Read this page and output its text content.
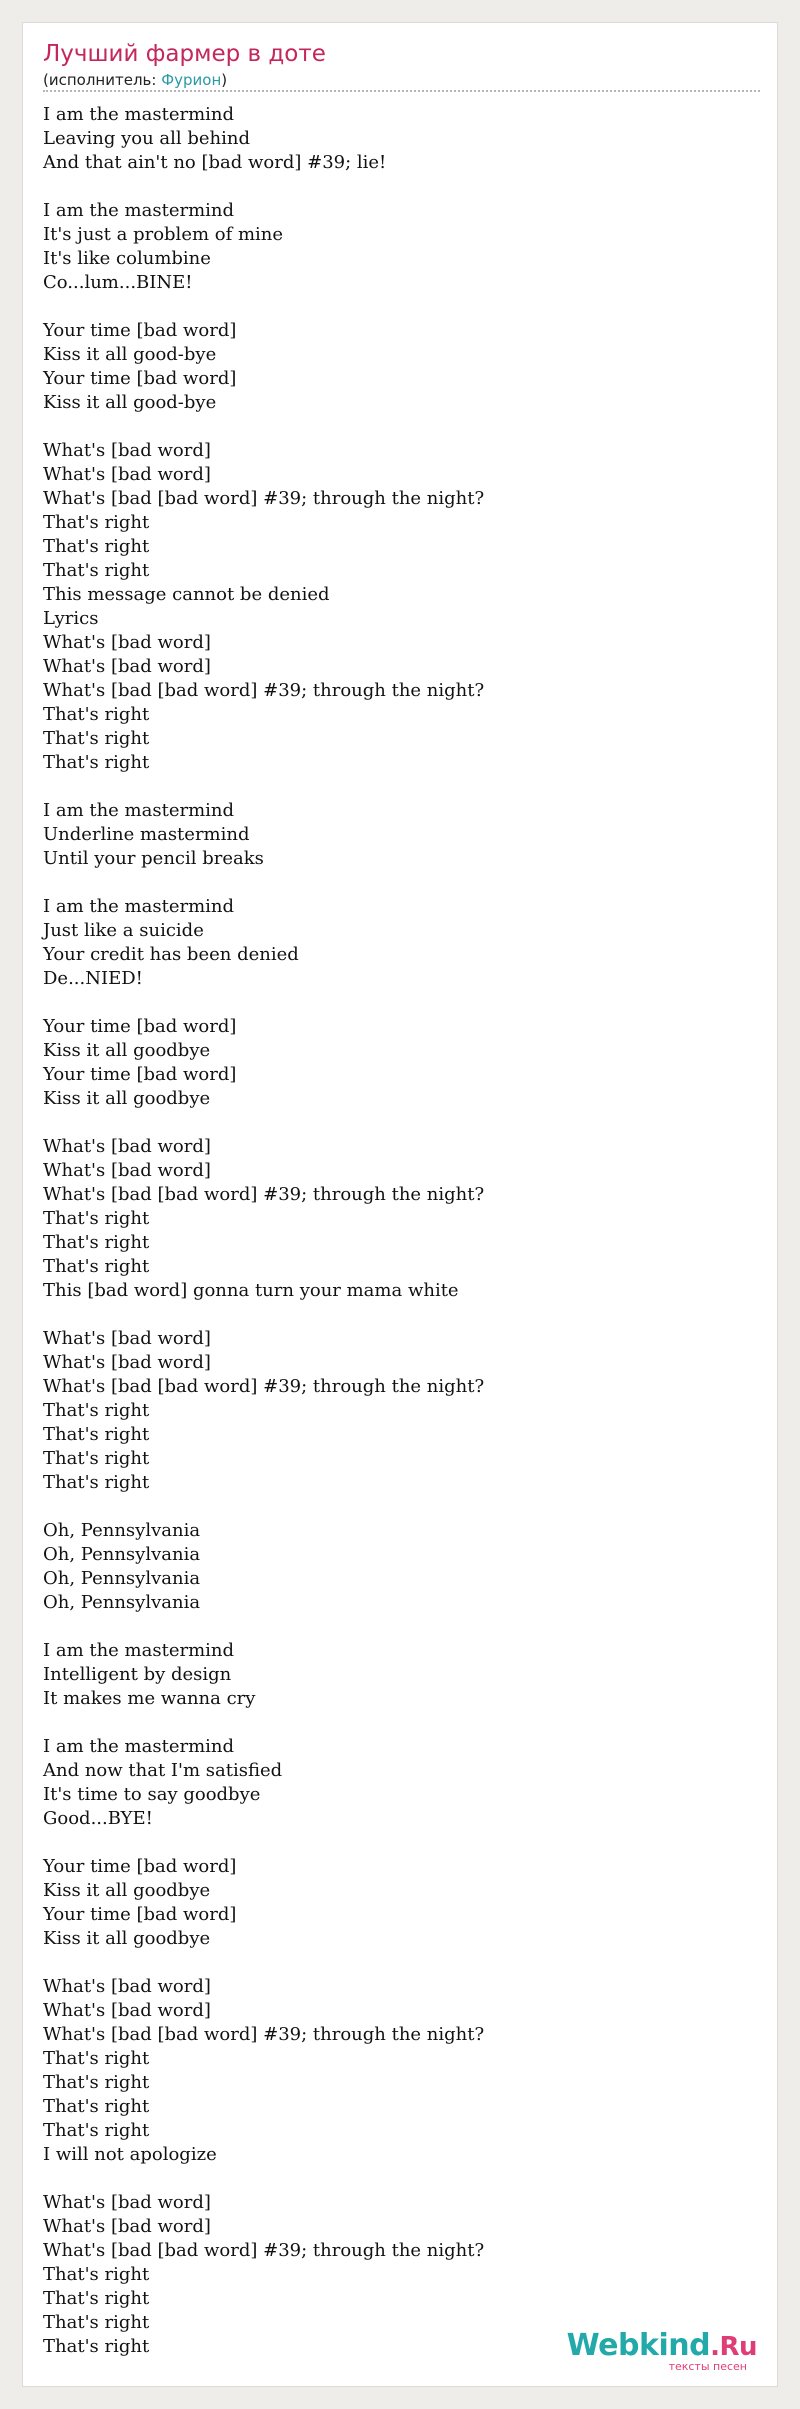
Лучший фармер в доте
(исполнитель: Фурион)
I am the mastermind
Leaving you all behind
And that ain't no [bad word] #39; lie!
I am the mastermind
It's just a problem of mine
It's like columbine
Co...lum...BINE!
Your time [bad word]
Kiss it all good-bye
Your time [bad word]
Kiss it all good-bye
What's [bad word]
What's [bad word]
What's [bad [bad word] #39; through the night?
That's right
That's right
That's right
This message cannot be denied
Lyrics
What's [bad word]
What's [bad word]
What's [bad [bad word] #39; through the night?
That's right
That's right
That's right
I am the mastermind
Underline mastermind
Until your pencil breaks
I am the mastermind
Just like a suicide
Your credit has been denied
De...NIED!
Your time [bad word]
Kiss it all goodbye
Your time [bad word]
Kiss it all goodbye
What's [bad word]
What's [bad word]
What's [bad [bad word] #39; through the night?
That's right
That's right
That's right
This [bad word] gonna turn your mama white
What's [bad word]
What's [bad word]
What's [bad [bad word] #39; through the night?
That's right
That's right
That's right
That's right
Oh, Pennsylvania
Oh, Pennsylvania
Oh, Pennsylvania
Oh, Pennsylvania
I am the mastermind
Intelligent by design
It makes me wanna cry
I am the mastermind
And now that I'm satisfied
It's time to say goodbye
Good...BYE!
Your time [bad word]
Kiss it all goodbye
Your time [bad word]
Kiss it all goodbye
What's [bad word]
What's [bad word]
What's [bad [bad word] #39; through the night?
That's right
That's right
That's right
That's right
I will not apologize
What's [bad word]
What's [bad word]
What's [bad [bad word] #39; through the night?
That's right
That's right
That's right
That's right	Webkind.Ru
тексты песен
